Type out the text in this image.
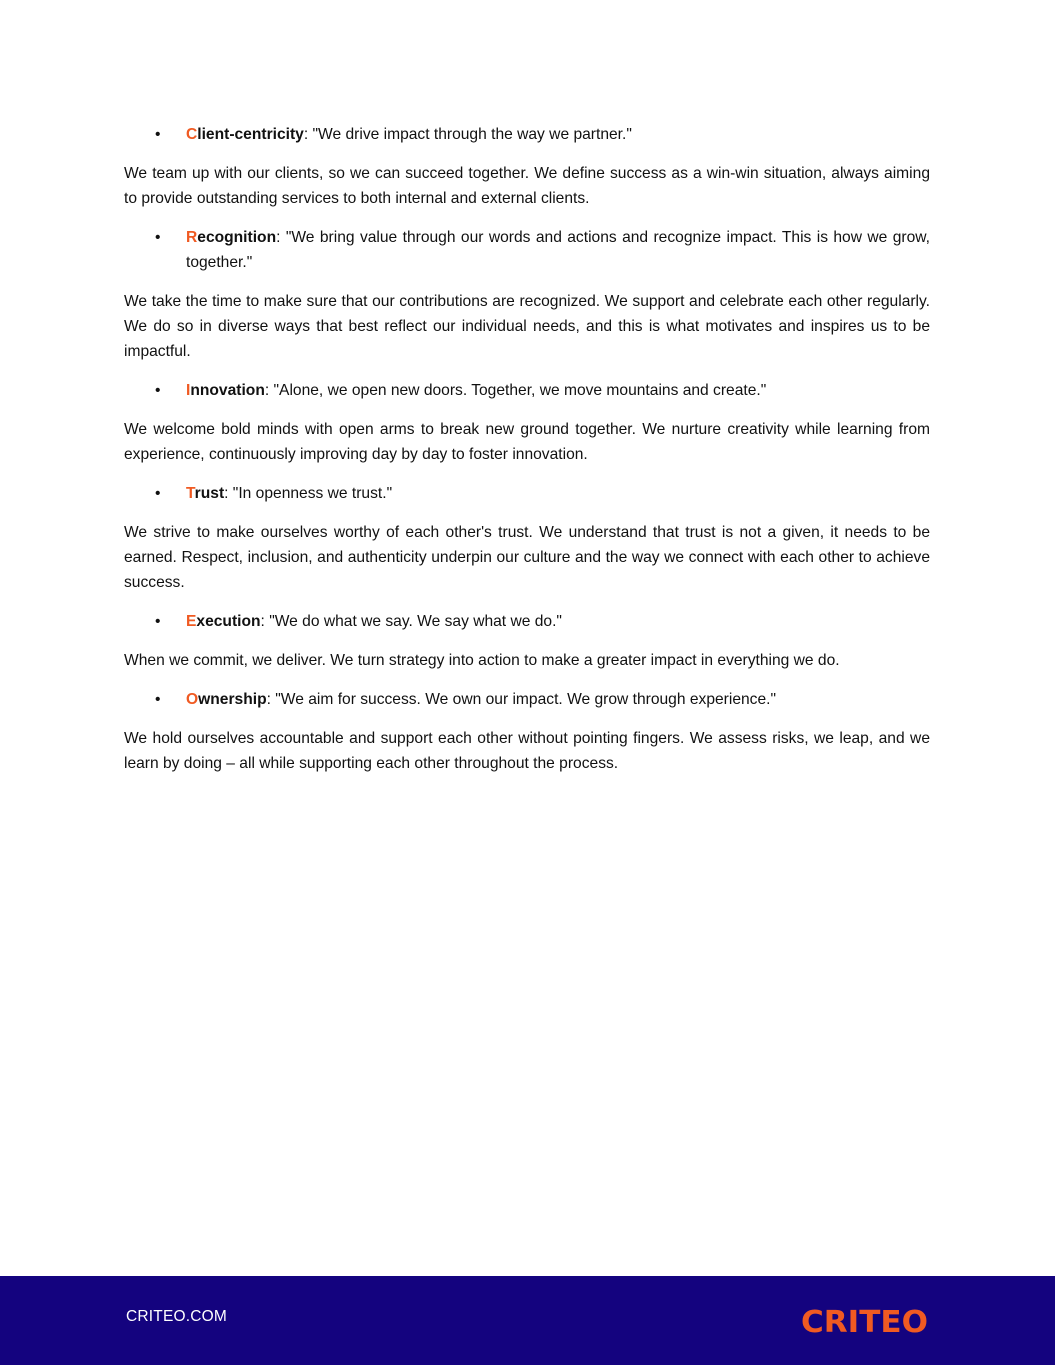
•	Client-centricity: "We drive impact through the way we partner."

We team up with our clients, so we can succeed together. We define success as a win-win situation, always aiming to provide outstanding services to both internal and external clients.

•	Recognition: "We bring value through our words and actions and recognize impact. This is how we grow, together."

We take the time to make sure that our contributions are recognized. We support and celebrate each other regularly. We do so in diverse ways that best reflect our individual needs, and this is what motivates and inspires us to be impactful.

•	Innovation: "Alone, we open new doors. Together, we move mountains and create."

We welcome bold minds with open arms to break new ground together. We nurture creativity while learning from experience, continuously improving day by day to foster innovation.

•	Trust: "In openness we trust."

We strive to make ourselves worthy of each other's trust. We understand that trust is not a given, it needs to be earned. Respect, inclusion, and authenticity underpin our culture and the way we connect with each other to achieve success.

•	Execution: "We do what we say. We say what we do."

When we commit, we deliver. We turn strategy into action to make a greater impact in everything we do.

•	Ownership: "We aim for success. We own our impact. We grow through experience."

We hold ourselves accountable and support each other without pointing fingers. We assess risks, we leap, and we learn by doing – all while supporting each other throughout the process.

CRITEO.COM	CRITEO
